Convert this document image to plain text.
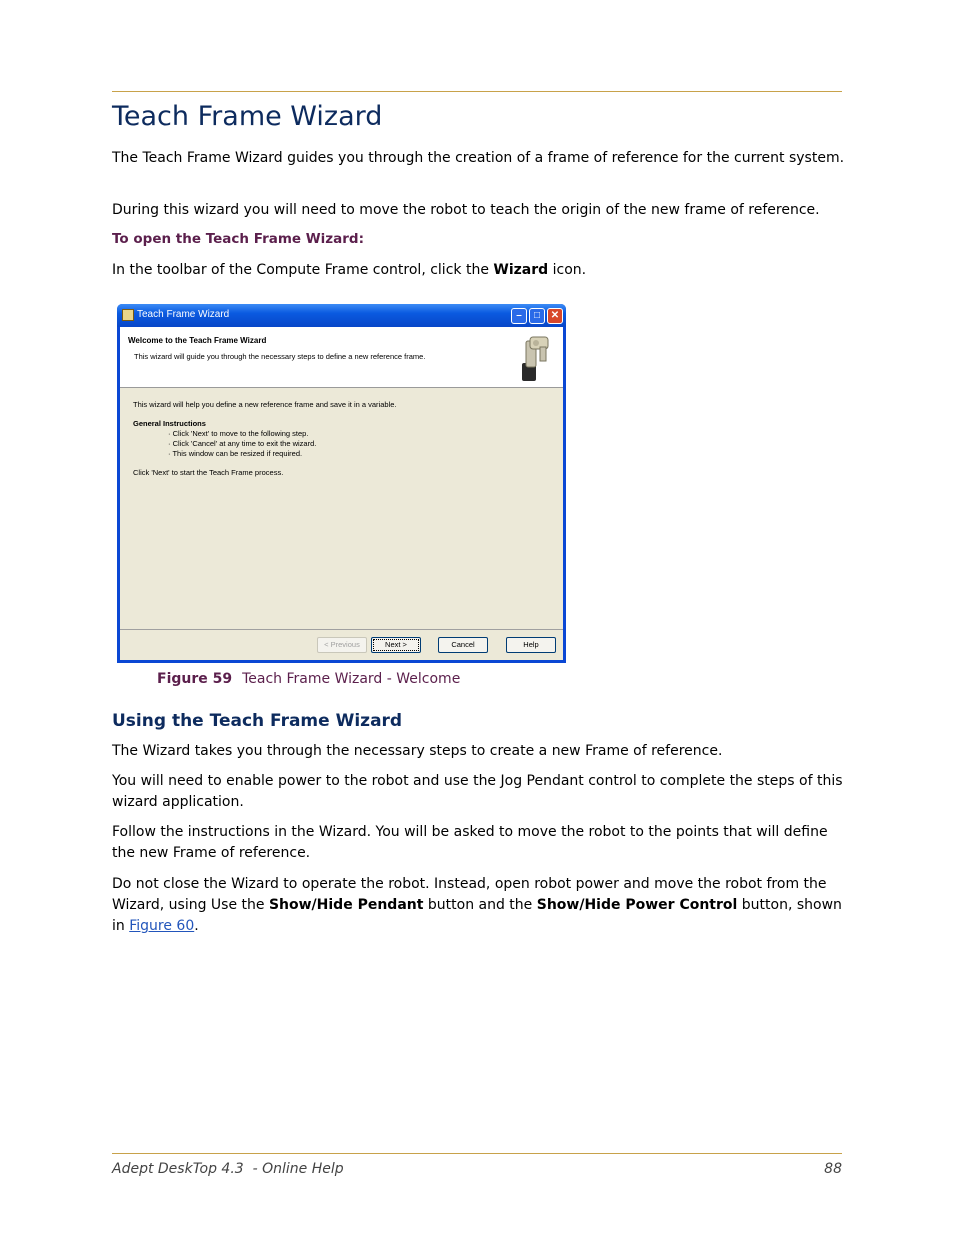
Teach Frame Wizard

The Teach Frame Wizard guides you through the creation of a frame of reference for the current system.

During this wizard you will need to move the robot to teach the origin of the new frame of reference.

To open the Teach Frame Wizard:

In the toolbar of the Compute Frame control, click the Wizard icon.

Teach Frame Wizard	–	□	✕
Welcome to the Teach Frame Wizard
This wizard will guide you through the necessary steps to define a new reference frame.
This wizard will help you define a new reference frame and save it in a variable.
General Instructions
· Click 'Next' to move to the following step.
· Click 'Cancel' at any time to exit the wizard.
· This window can be resized if required.
Click 'Next' to start the Teach Frame process.
< Previous	Next >	Cancel	Help
Figure 59 Teach Frame Wizard - Welcome
Using the Teach Frame Wizard

The Wizard takes you through the necessary steps to create a new Frame of reference.

You will need to enable power to the robot and use the Jog Pendant control to complete the steps of this wizard application.

Follow the instructions in the Wizard. You will be asked to move the robot to the points that will define the new Frame of reference.

Do not close the Wizard to operate the robot. Instead, open robot power and move the robot from the Wizard, using Use the Show/Hide Pendant button and the Show/Hide Power Control button, shown in Figure 60.

Adept DeskTop 4.3  - Online Help	88
